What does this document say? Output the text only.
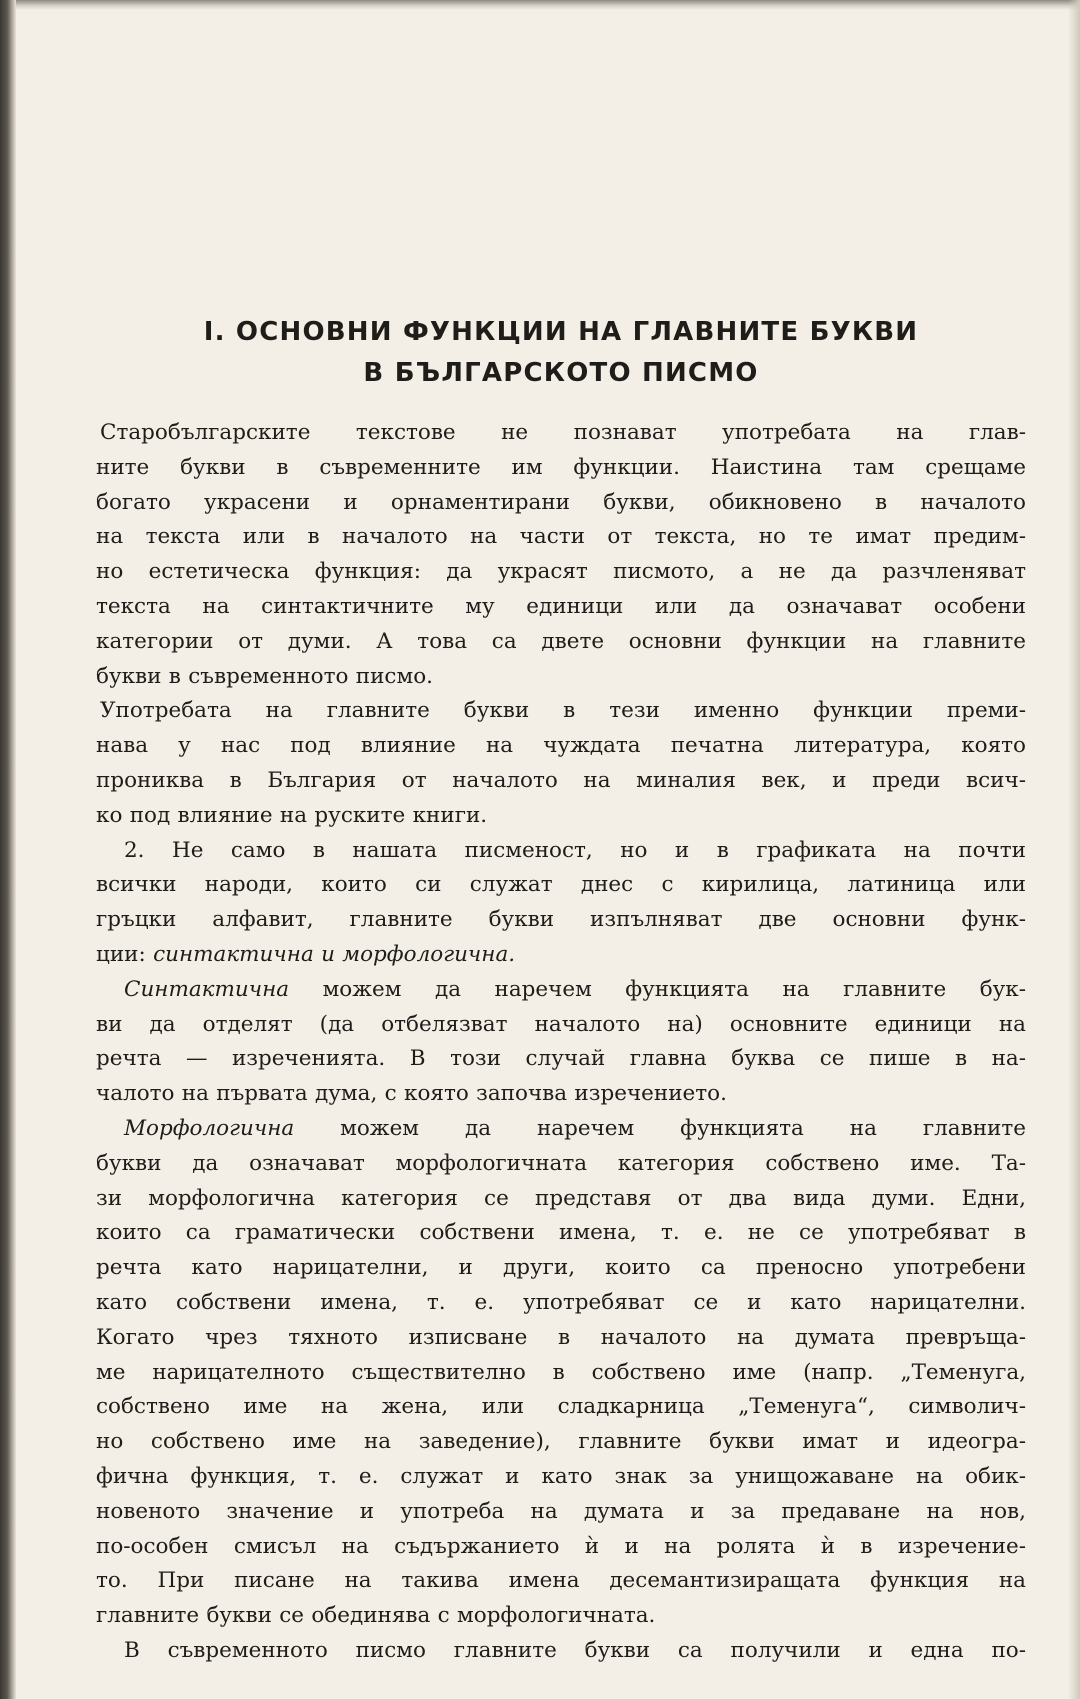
I. ОСНОВНИ ФУНКЦИИ НА ГЛАВНИТЕ БУКВИ
В БЪЛГАРСКОТО ПИСМО
Старобългарските текстове не познават употребата на глав-
ните букви в съвременните им функции. Наистина там срещаме
богато украсени и орнаментирани букви, обикновено в началото
на текста или в началото на части от текста, но те имат предим-
но естетическа функция: да украсят писмото, а не да разчленяват
текста на синтактичните му единици или да означават особени
категории от думи. А това са двете основни функции на главните
букви в съвременното писмо.
Употребата на главните букви в тези именно функции преми-
нава у нас под влияние на чуждата печатна литература, която
прониква в България от началото на миналия век, и преди всич-
ко под влияние на руските книги.
2. Не само в нашата писменост, но и в графиката на почти
всички народи, които си служат днес с кирилица, латиница или
гръцки алфавит, главните букви изпълняват две основни функ-
ции: синтактична и морфологична.
Синтактична можем да наречем функцията на главните бук-
ви да отделят (да отбелязват началото на) основните единици на
речта — изреченията. В този случай главна буква се пише в на-
чалото на първата дума, с която започва изречението.
Морфологична можем да наречем функцията на главните
букви да означават морфологичната категория собствено име. Та-
зи морфологична категория се представя от два вида думи. Едни,
които са граматически собствени имена, т. е. не се употребяват в
речта като нарицателни, и други, които са преносно употребени
като собствени имена, т. е. употребяват се и като нарицателни.
Когато чрез тяхното изписване в началото на думата превръща-
ме нарицателното съществително в собствено име (напр. „Теменуга,
собствено име на жена, или сладкарница „Теменуга“, символич-
но собствено име на заведение), главните букви имат и идеогра-
фична функция, т. е. служат и като знак за унищожаване на обик-
новеното значение и употреба на думата и за предаване на нов,
по-особен смисъл на съдържанието ѝ и на ролята ѝ в изречение-
то. При писане на такива имена десемантизиращата функция на
главните букви се обединява с морфологичната.
В съвременното писмо главните букви са получили и една по-
